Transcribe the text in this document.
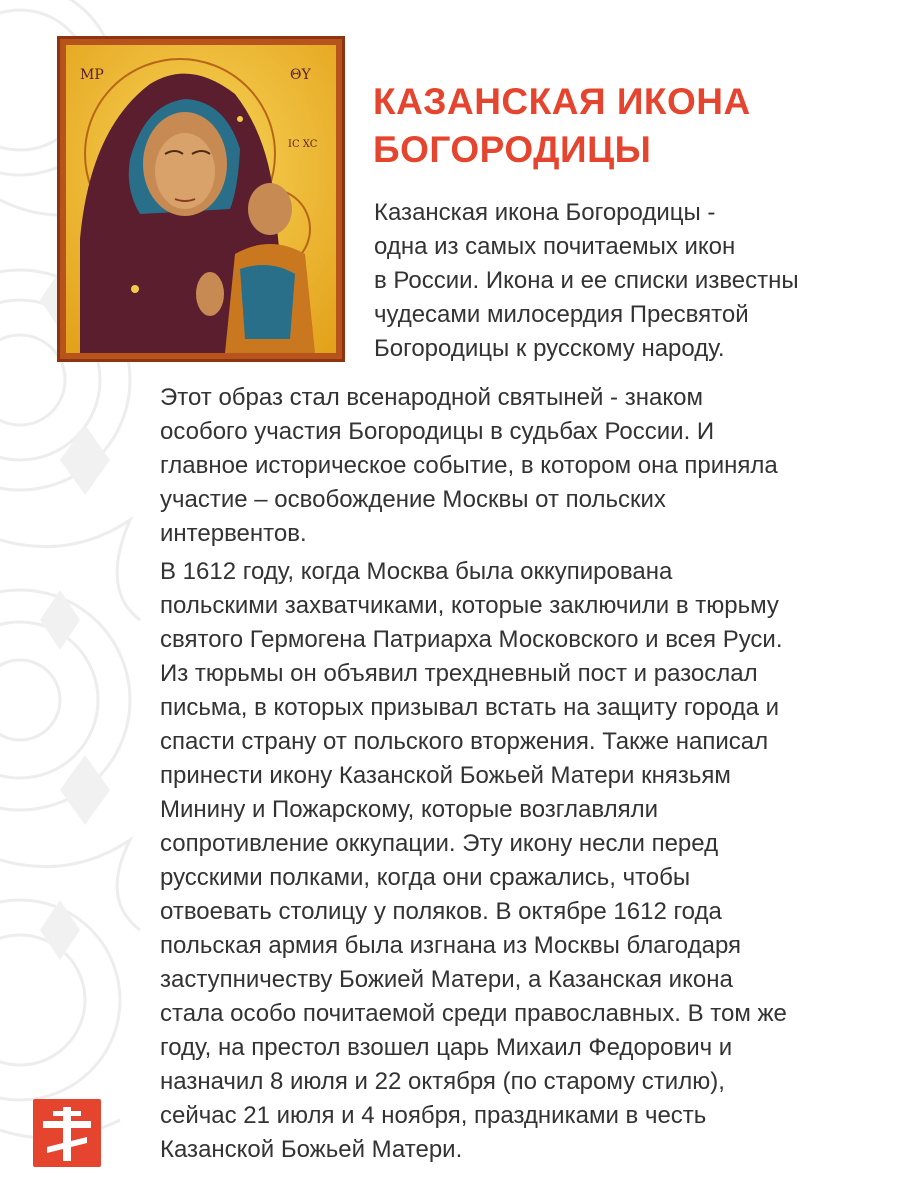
MP	ΘΥ
IC XC
КАЗАНСКАЯ ИКОНА
БОГОРОДИЦЫ
Казанская икона Богородицы -
одна из самых почитаемых икон
в России. Икона и ее списки известны
чудесами милосердия Пресвятой
Богородицы к русскому народу.
Этот образ стал всенародной святыней - знаком
особого участия Богородицы в судьбах России. И
главное историческое событие, в котором она приняла
участие – освобождение Москвы от польских
интервентов.
В 1612 году, когда Москва была оккупирована
польскими захватчиками, которые заключили в тюрьму
святого Гермогена Патриарха Московского и всея Руси.
Из тюрьмы он объявил трехдневный пост и разослал
письма, в которых призывал встать на защиту города и
спасти страну от польского вторжения. Также написал
принести икону Казанской Божьей Матери князьям
Минину и Пожарскому, которые возглавляли
сопротивление оккупации. Эту икону несли перед
русскими полками, когда они сражались, чтобы
отвоевать столицу у поляков. В октябре 1612 года
польская армия была изгнана из Москвы благодаря
заступничеству Божией Матери, а Казанская икона
стала особо почитаемой среди православных. В том же
году, на престол взошел царь Михаил Федорович и
назначил 8 июля и 22 октября (по старому стилю),
сейчас 21 июля и 4 ноября, праздниками в честь
Казанской Божьей Матери.
